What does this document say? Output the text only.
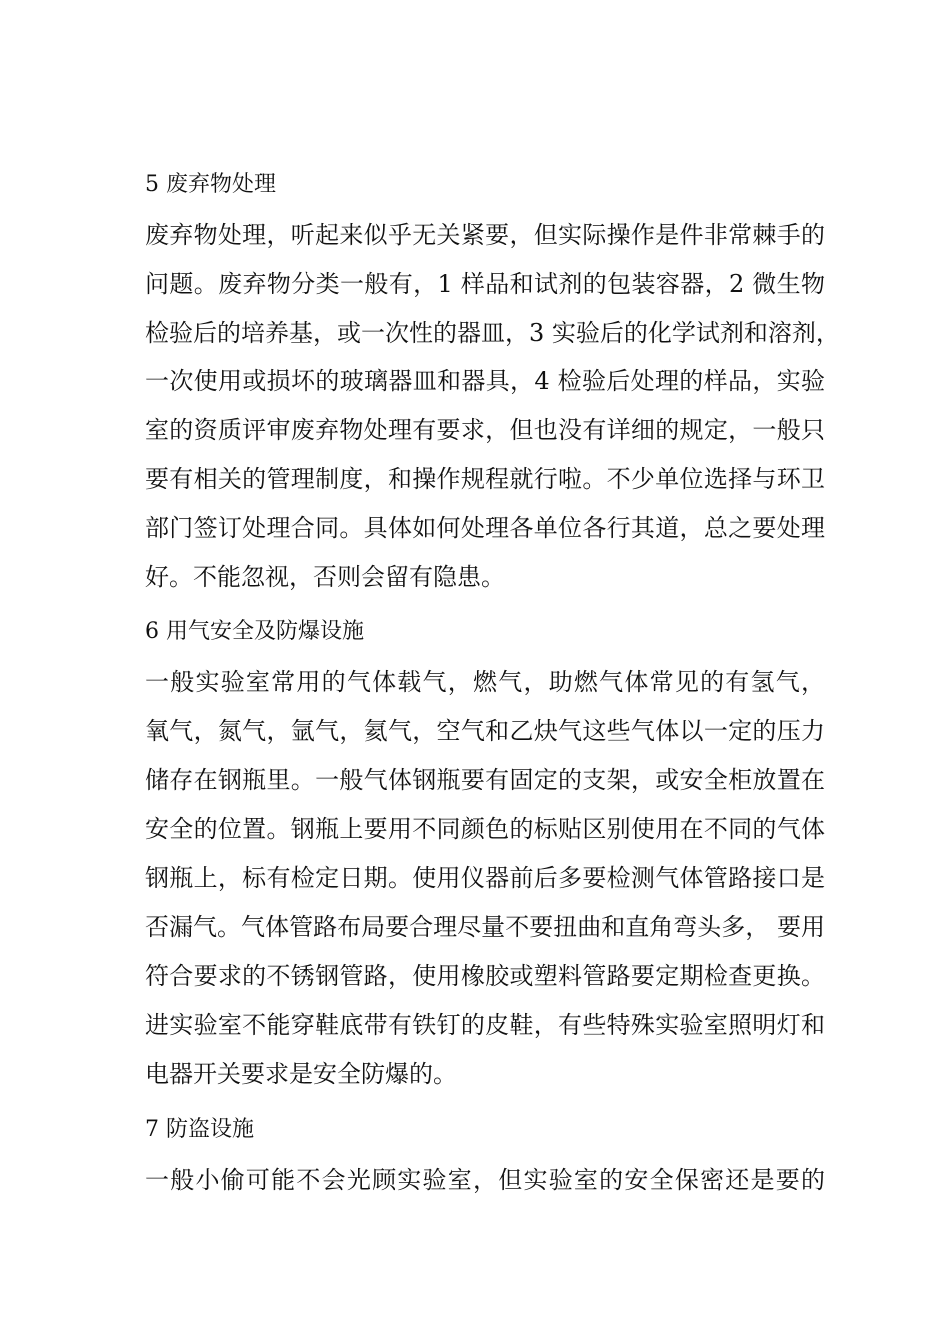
5 废弃物处理
废弃物处理，听起来似乎无关紧要，但实际操作是件非常棘手的
问题。废弃物分类一般有，1 样品和试剂的包装容器，2 微生物
检验后的培养基，或一次性的器皿，3 实验后的化学试剂和溶剂，
一次使用或损坏的玻璃器皿和器具，4 检验后处理的样品，实验
室的资质评审废弃物处理有要求，但也没有详细的规定，一般只
要有相关的管理制度，和操作规程就行啦。不少单位选择与环卫
部门签订处理合同。具体如何处理各单位各行其道，总之要处理
好。不能忽视，否则会留有隐患。
6 用气安全及防爆设施
一般实验室常用的气体载气，燃气，助燃气体常见的有氢气，
氧气，氮气，氩气，氦气，空气和乙炔气这些气体以一定的压力
储存在钢瓶里。一般气体钢瓶要有固定的支架，或安全柜放置在
安全的位置。钢瓶上要用不同颜色的标贴区别使用在不同的气体
钢瓶上，标有检定日期。使用仪器前后多要检测气体管路接口是
否漏气。气体管路布局要合理尽量不要扭曲和直角弯头多， 要用
符合要求的不锈钢管路，使用橡胶或塑料管路要定期检查更换。
进实验室不能穿鞋底带有铁钉的皮鞋，有些特殊实验室照明灯和
电器开关要求是安全防爆的。
7 防盗设施
一般小偷可能不会光顾实验室，但实验室的安全保密还是要的
